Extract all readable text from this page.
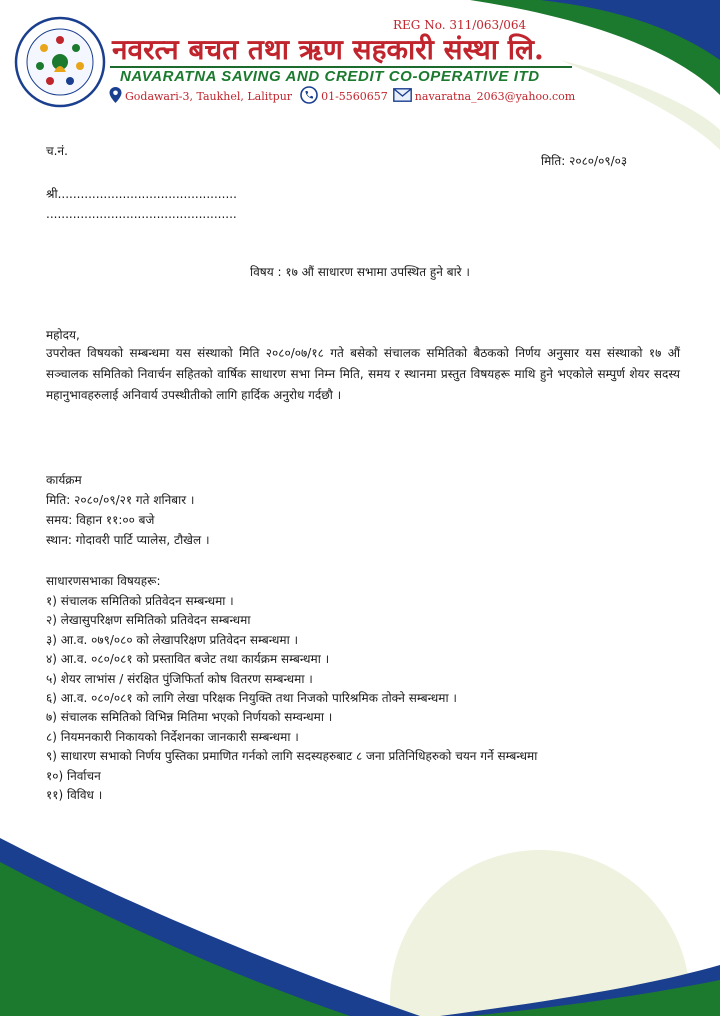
REG No. 311/063/064
नवरत्न बचत तथा ऋण सहकारी संस्था लि.
NAVARATNA SAVING AND CREDIT CO-OPERATIVE ITD
Godawari-3, Taukhel, Lalitpur	01-5560657 navaratna_2063@yahoo.com
च.नं.
मिति: २०८०/०९/०३
श्री...............................................
..................................................
विषय : १७ औं साधारण सभामा उपस्थित हुने बारे ।
महोदय,
उपरोक्त विषयको सम्बन्धमा यस संस्थाको मिति २०८०/०७/१८ गते बसेको संचालक समितिको बैठकको निर्णय अनुसार यस संस्थाको १७ औं सञ्चालक समितिको निवार्चन सहितको वार्षिक साधारण सभा निम्न मिति, समय र स्थानमा प्रस्तुत विषयहरू माथि हुने भएकोले सम्पुर्ण शेयर सदस्य महानुभावहरुलाई अनिवार्य उपस्थीतीको लागि हार्दिक अनुरोध गर्दछौ ।
कार्यक्रम
मिति: २०८०/०९/२१ गते शनिबार ।
समय: विहान ११:०० बजे
स्थान: गोदावरी पार्टि प्यालेस, टौखेल ।
साधारणसभाका विषयहरू:
१) संचालक समितिको प्रतिवेदन सम्बन्धमा ।
२) लेखासुपरिक्षण समितिको प्रतिवेदन सम्बन्धमा
३) आ.व. ०७९/०८० को लेखापरिक्षण प्रतिवेदन सम्बन्धमा ।
४) आ.व. ०८०/०८१ को प्रस्तावित बजेट तथा कार्यक्रम सम्बन्धमा ।
५) शेयर लाभांस / संरक्षित पुंजिफिर्ता कोष वितरण सम्बन्धमा ।
६) आ.व. ०८०/०८१ को लागि लेखा परिक्षक नियुक्ति तथा निजको पारिश्रमिक तोक्ने सम्बन्धमा ।
७) संचालक समितिको विभिन्न मितिमा भएको निर्णयको सम्वन्धमा ।
८) नियमनकारी निकायको निर्देशनका जानकारी सम्बन्धमा ।
९) साधारण सभाको निर्णय पुस्तिका प्रमाणित गर्नको लागि सदस्यहरुबाट ८ जना प्रतिनिधिहरुको चयन गर्ने सम्बन्धमा
१०) निर्वाचन
११) विविध ।
